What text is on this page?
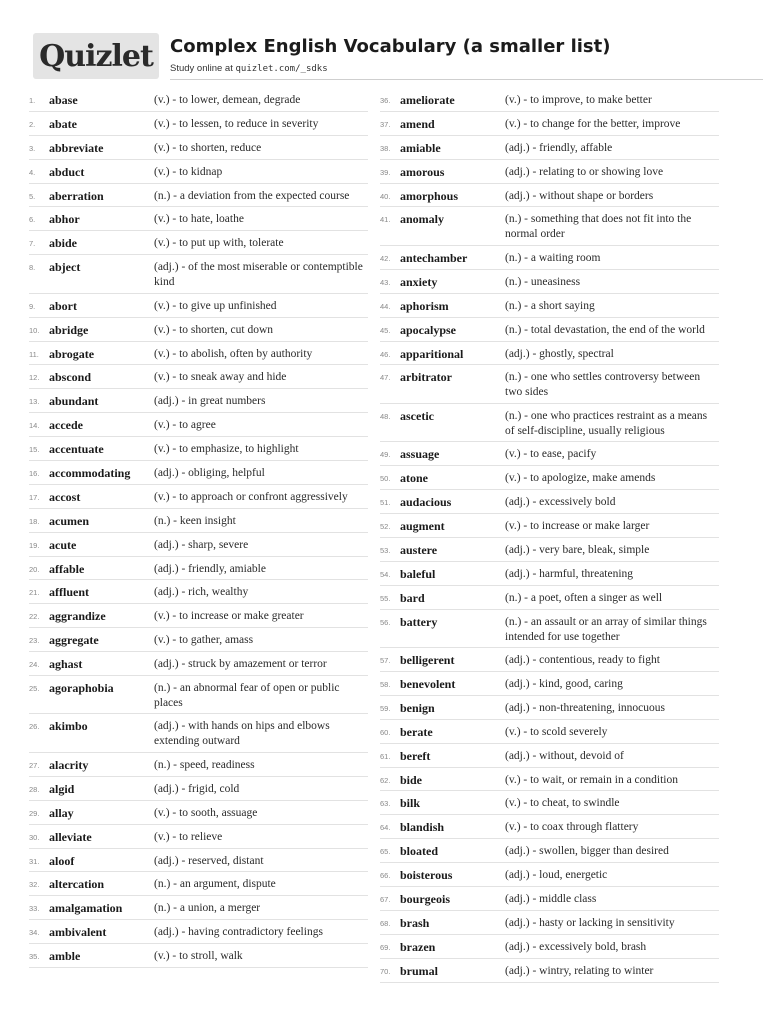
Quizlet Complex English Vocabulary (a smaller list)
Study online at quizlet.com/_sdks
1.	abase	(v.) - to lower, demean, degrade
2.	abate	(v.) - to lessen, to reduce in severity
3.	abbreviate	(v.) - to shorten, reduce
4.	abduct	(v.) - to kidnap
5.	aberration	(n.) - a deviation from the expected course
6.	abhor	(v.) - to hate, loathe
7.	abide	(v.) - to put up with, tolerate
8.	abject	(adj.) - of the most miserable or contemptible kind
9.	abort	(v.) - to give up unfinished
10. abridge	(v.) - to shorten, cut down
11. abrogate	(v.) - to abolish, often by authority
12. abscond	(v.) - to sneak away and hide
13. abundant	(adj.) - in great numbers
14. accede	(v.) - to agree
15. accentuate	(v.) - to emphasize, to highlight
16. accommodating	(adj.) - obliging, helpful
17. accost	(v.) - to approach or confront aggressively
18. acumen	(n.) - keen insight
19. acute	(adj.) - sharp, severe
20. affable	(adj.) - friendly, amiable
21. affluent	(adj.) - rich, wealthy
22. aggrandize	(v.) - to increase or make greater
23. aggregate	(v.) - to gather, amass
24. aghast	(adj.) - struck by amazement or terror
25. agoraphobia	(n.) - an abnormal fear of open or public places
26. akimbo	(adj.) - with hands on hips and elbows extending outward
27. alacrity	(n.) - speed, readiness
28. algid	(adj.) - frigid, cold
29. allay	(v.) - to sooth, assuage
30. alleviate	(v.) - to relieve
31. aloof	(adj.) - reserved, distant
32. altercation	(n.) - an argument, dispute
33. amalgamation	(n.) - a union, a merger
34. ambivalent	(adj.) - having contradictory feelings
35. amble	(v.) - to stroll, walk
36. ameliorate	(v.) - to improve, to make better
37. amend	(v.) - to change for the better, improve
38. amiable	(adj.) - friendly, affable
39. amorous	(adj.) - relating to or showing love
40. amorphous	(adj.) - without shape or borders
41. anomaly	(n.) - something that does not fit into the normal order
42. antechamber	(n.) - a waiting room
43. anxiety	(n.) - uneasiness
44. aphorism	(n.) - a short saying
45. apocalypse	(n.) - total devastation, the end of the world
46. apparitional	(adj.) - ghostly, spectral
47. arbitrator	(n.) - one who settles controversy between two sides
48. ascetic	(n.) - one who practices restraint as a means of self-discipline, usually religious
49. assuage	(v.) - to ease, pacify
50. atone	(v.) - to apologize, make amends
51. audacious	(adj.) - excessively bold
52. augment	(v.) - to increase or make larger
53. austere	(adj.) - very bare, bleak, simple
54. baleful	(adj.) - harmful, threatening
55. bard	(n.) - a poet, often a singer as well
56. battery	(n.) - an assault or an array of similar things intended for use together
57. belligerent	(adj.) - contentious, ready to fight
58. benevolent	(adj.) - kind, good, caring
59. benign	(adj.) - non-threatening, innocuous
60. berate	(v.) - to scold severely
61. bereft	(adj.) - without, devoid of
62. bide	(v.) - to wait, or remain in a condition
63. bilk	(v.) - to cheat, to swindle
64. blandish	(v.) - to coax through flattery
65. bloated	(adj.) - swollen, bigger than desired
66. boisterous	(adj.) - loud, energetic
67. bourgeois	(adj.) - middle class
68. brash	(adj.) - hasty or lacking in sensitivity
69. brazen	(adj.) - excessively bold, brash
70. brumal	(adj.) - wintry, relating to winter
